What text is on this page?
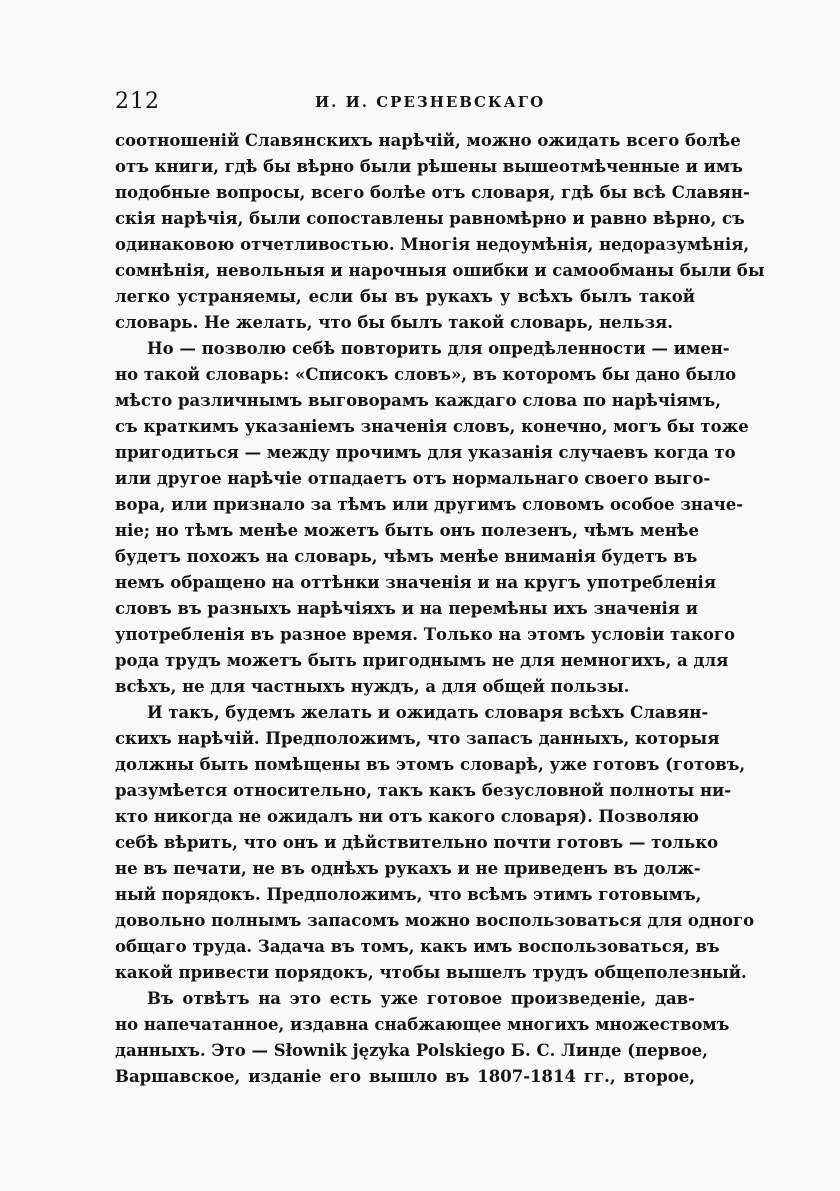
212	И. И. СРЕЗНЕВСКАГО
соотношеній Славянскихъ нарѣчій, можно ожидать всего болѣе
отъ книги, гдѣ бы вѣрно были рѣшены вышеотмѣченные и имъ
подобные вопросы, всего болѣе отъ словаря, гдѣ бы всѣ Славян-
скія нарѣчія, были сопоставлены равномѣрно и равно вѣрно, съ
одинаковою отчетливостью. Многія недоумѣнія, недоразумѣнія,
сомнѣнія, невольныя и нарочныя ошибки и самообманы были бы
легко устраняемы, если бы въ рукахъ у всѣхъ былъ такой
словарь. Не желать, что бы былъ такой словарь, нельзя.
Но — позволю себѣ повторить для опредѣленности — имен-
но такой словарь: «Списокъ словъ», въ которомъ бы дано было
мѣсто различнымъ выговорамъ каждаго слова по нарѣчіямъ,
съ краткимъ указаніемъ значенія словъ, конечно, могъ бы тоже
пригодиться — между прочимъ для указанія случаевъ когда то
или другое нарѣчіе отпадаетъ отъ нормальнаго своего выго-
вора, или признало за тѣмъ или другимъ словомъ особое значе-
ніе; но тѣмъ менѣе можетъ быть онъ полезенъ, чѣмъ менѣе
будетъ похожъ на словарь, чѣмъ менѣе вниманія будетъ въ
немъ обращено на оттѣнки значенія и на кругъ употребленія
словъ въ разныхъ нарѣчіяхъ и на перемѣны ихъ значенія и
употребленія въ разное время. Только на этомъ условіи такого
рода трудъ можетъ быть пригоднымъ не для немногихъ, а для
всѣхъ, не для частныхъ нуждъ, а для общей пользы.
И такъ, будемъ желать и ожидать словаря всѣхъ Славян-
скихъ нарѣчій. Предположимъ, что запасъ данныхъ, которыя
должны быть помѣщены въ этомъ словарѣ, уже готовъ (готовъ,
разумѣется относительно, такъ какъ безусловной полноты ни-
кто никогда не ожидалъ ни отъ какого словаря). Позволяю
себѣ вѣрить, что онъ и дѣйствительно почти готовъ — только
не въ печати, не въ однѣхъ рукахъ и не приведенъ въ долж-
ный порядокъ. Предположимъ, что всѣмъ этимъ готовымъ,
довольно полнымъ запасомъ можно воспользоваться для одного
общаго труда. Задача въ томъ, какъ имъ воспользоваться, въ
какой привести порядокъ, чтобы вышелъ трудъ общеполезный.
Въ отвѣтъ на это есть уже готовое произведеніе, дав-
но напечатанное, издавна снабжающее многихъ множествомъ
данныхъ. Это — Słownik języka Polskiego Б. С. Линде (первое,
Варшавское, изданіе его вышло въ 1807-1814 гг., второе,
